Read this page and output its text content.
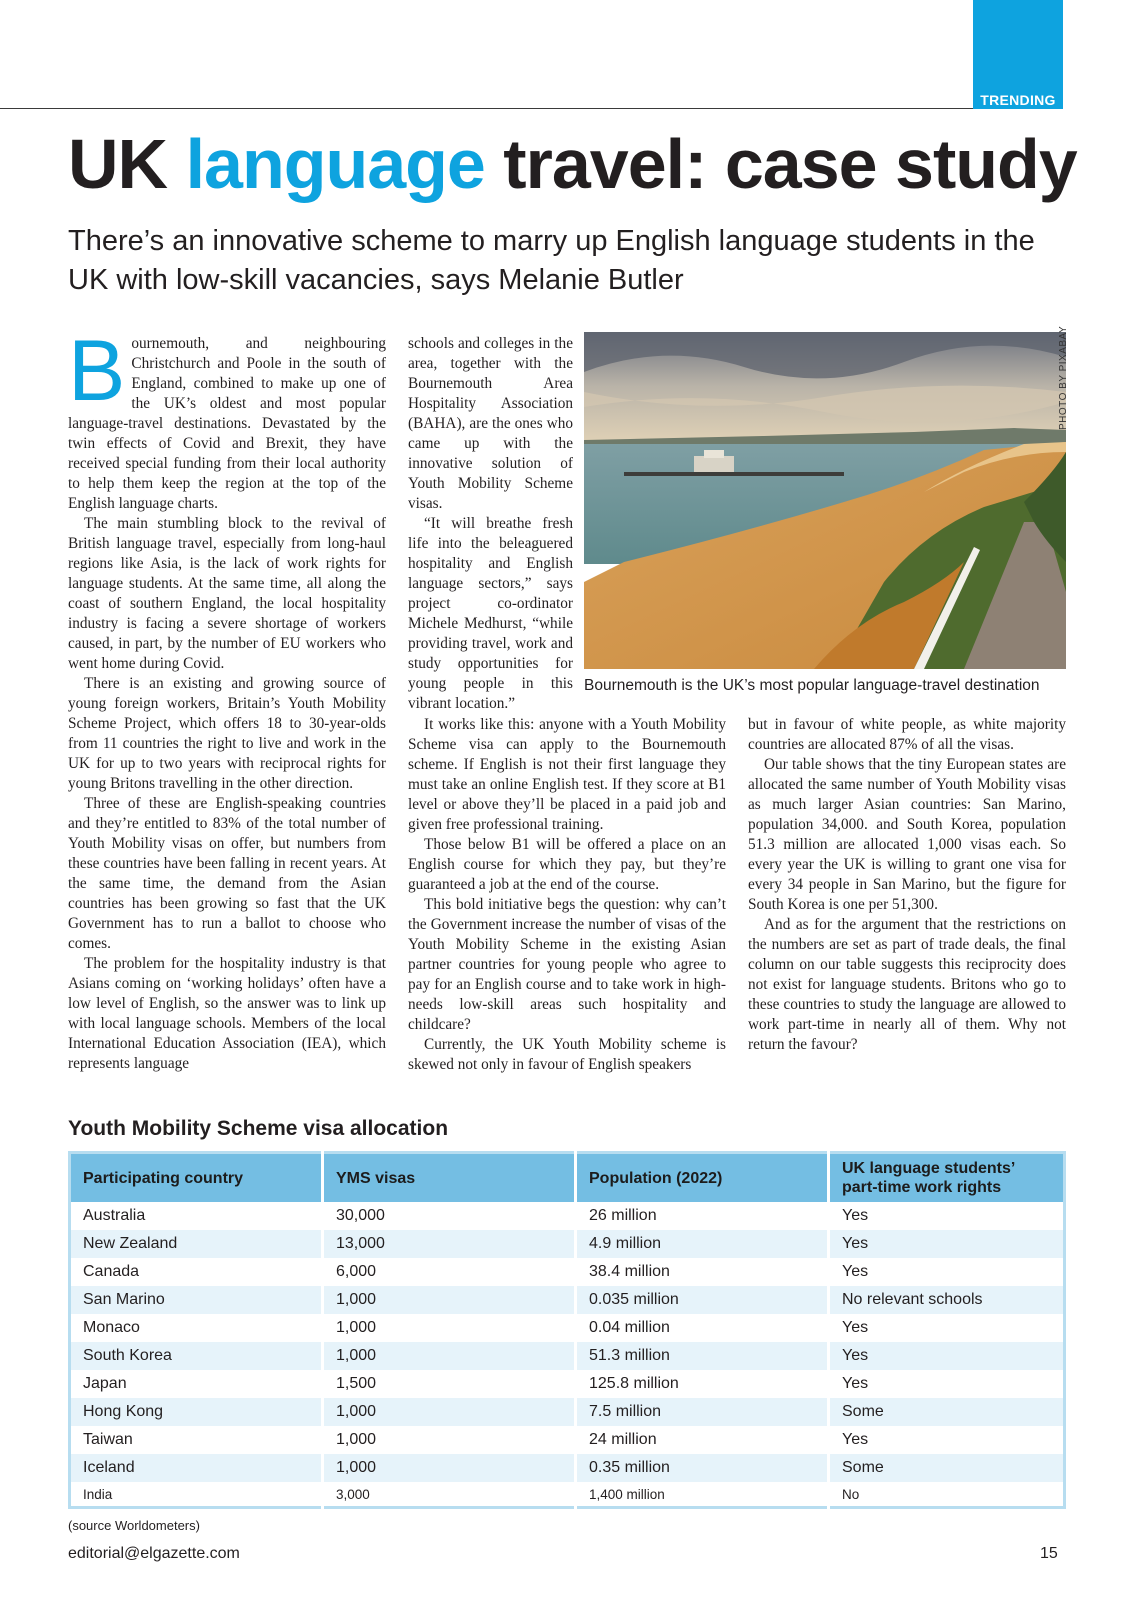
TRENDING
UK language travel: case study
There’s an innovative scheme to marry up English language students in the UK with low-skill vacancies, says Melanie Butler

Bournemouth, and neighbouring Christchurch and Poole in the south of England, combined to make up one of the UK’s oldest and most popular language-travel destinations. Devastated by the twin effects of Covid and Brexit, they have received special funding from their local authority to help them keep the region at the top of the English language charts.

The main stumbling block to the revival of British language travel, especially from long-haul regions like Asia, is the lack of work rights for language students. At the same time, all along the coast of southern England, the local hospitality industry is facing a severe shortage of workers caused, in part, by the number of EU workers who went home during Covid.

There is an existing and growing source of young foreign workers, Britain’s Youth Mobility Scheme Project, which offers 18 to 30-year-olds from 11 countries the right to live and work in the UK for up to two years with reciprocal rights for young Britons travelling in the other direction.

Three of these are English-speaking countries and they’re entitled to 83% of the total number of Youth Mobility visas on offer, but numbers from these countries have been falling in recent years. At the same time, the demand from the Asian countries has been growing so fast that the UK Government has to run a ballot to choose who comes.

The problem for the hospitality industry is that Asians coming on ‘working holidays’ often have a low level of English, so the answer was to link up with local language schools. Members of the local International Education Association (IEA), which represents language

schools and colleges in the area, together with the Bournemouth Area Hospitality Association (BAHA), are the ones who came up with the innovative solution of Youth Mobility Scheme visas.

“It will breathe fresh life into the beleaguered hospitality and English language sectors,” says project co-ordinator Michele Medhurst, “while providing travel, work and study opportunities for young people in this vibrant location.”

It works like this: anyone with a Youth Mobility Scheme visa can apply to the Bournemouth scheme. If English is not their first language they must take an online English test. If they score at B1 level or above they’ll be placed in a paid job and given free professional training.

Those below B1 will be offered a place on an English course for which they pay, but they’re guaranteed a job at the end of the course.

This bold initiative begs the question: why can’t the Government increase the number of visas of the Youth Mobility Scheme in the existing Asian partner countries for young people who agree to pay for an English course and to take work in high-needs low-skill areas such hospitality and childcare?

Currently, the UK Youth Mobility scheme is skewed not only in favour of English speakers

but in favour of white people, as white majority countries are allocated 87% of all the visas.

Our table shows that the tiny European states are allocated the same number of Youth Mobility visas as much larger Asian countries: San Marino, population 34,000. and South Korea, population 51.3 million are allocated 1,000 visas each. So every year the UK is willing to grant one visa for every 34 people in San Marino, but the figure for South Korea is one per 51,300.

And as for the argument that the restrictions on the numbers are set as part of trade deals, the final column on our table suggests this reciprocity does not exist for language students. Britons who go to these countries to study the language are allowed to work part-time in nearly all of them. Why not return the favour?

PHOTO BY PIXABAY
Bournemouth is the UK’s most popular language-travel destination
Youth Mobility Scheme visa allocation
Participating country	YMS visas	Population (2022)	UK language students’ part-time work rights
Australia	30,000	26 million	Yes
New Zealand	13,000	4.9 million	Yes
Canada	6,000	38.4 million	Yes
San Marino	1,000	0.035 million	No relevant schools
Monaco	1,000	0.04 million	Yes
South Korea	1,000	51.3 million	Yes
Japan	1,500	125.8 million	Yes
Hong Kong	1,000	7.5 million	Some
Taiwan	1,000	24 million	Yes
Iceland	1,000	0.35 million	Some
India	3,000	1,400 million	No
(source Worldometers)
editorial@elgazette.com	15
